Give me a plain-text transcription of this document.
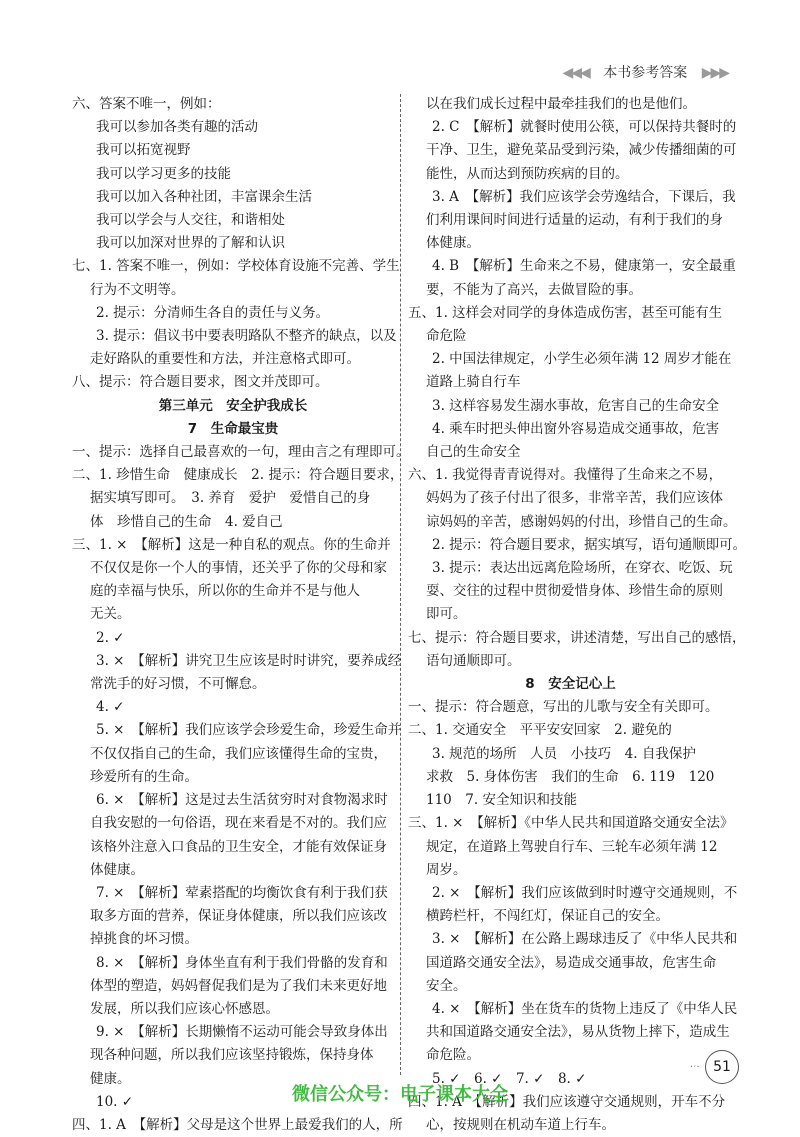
◀◀◀ 本书参考答案 ▶▶▶
六、答案不唯一，例如：
我可以参加各类有趣的活动
我可以拓宽视野
我可以学习更多的技能
我可以加入各种社团，丰富课余生活
我可以学会与人交往，和谐相处
我可以加深对世界的了解和认识
七、1. 答案不唯一，例如：学校体育设施不完善、学生
行为不文明等。
2. 提示：分清师生各自的责任与义务。
3. 提示：倡议书中要表明路队不整齐的缺点，以及
走好路队的重要性和方法，并注意格式即可。
八、提示：符合题目要求，图文并茂即可。
第三单元　安全护我成长
7　生命最宝贵
一、提示：选择自己最喜欢的一句，理由言之有理即可。
二、1. 珍惜生命　健康成长　2. 提示：符合题目要求，
据实填写即可。　3. 养育　爱护　爱惜自己的身
体　珍惜自己的生命　4. 爱自己
三、1. ×　【解析】这是一种自私的观点。你的生命并
不仅仅是你一个人的事情，还关乎了你的父母和家
庭的幸福与快乐，所以你的生命并不是与他人
无关。
2. ✓
3. ×　【解析】讲究卫生应该是时时讲究，要养成经
常洗手的好习惯，不可懈怠。
4. ✓
5. ×　【解析】我们应该学会珍爱生命，珍爱生命并
不仅仅指自己的生命，我们应该懂得生命的宝贵，
珍爱所有的生命。
6. ×　【解析】这是过去生活贫穷时对食物渴求时
自我安慰的一句俗语，现在来看是不对的。我们应
该格外注意入口食品的卫生安全，才能有效保证身
体健康。
7. ×　【解析】荤素搭配的均衡饮食有利于我们获
取多方面的营养，保证身体健康，所以我们应该改
掉挑食的坏习惯。
8. ×　【解析】身体坐直有利于我们骨骼的发育和
体型的塑造，妈妈督促我们是为了我们未来更好地
发展，所以我们应该心怀感恩。
9. ×　【解析】长期懒惰不运动可能会导致身体出
现各种问题，所以我们应该坚持锻炼，保持身体
健康。
10. ✓
四、1. A　【解析】父母是这个世界上最爱我们的人，所
以在我们成长过程中最牵挂我们的也是他们。
2. C　【解析】就餐时使用公筷，可以保持共餐时的
干净、卫生，避免菜品受到污染，减少传播细菌的可
能性，从而达到预防疾病的目的。
3. A　【解析】我们应该学会劳逸结合，下课后，我
们利用课间时间进行适量的运动，有利于我们的身
体健康。
4. B　【解析】生命来之不易，健康第一，安全最重
要，不能为了高兴，去做冒险的事。
五、1. 这样会对同学的身体造成伤害，甚至可能有生
命危险
2. 中国法律规定，小学生必须年满 12 周岁才能在
道路上骑自行车
3. 这样容易发生溺水事故，危害自己的生命安全
4. 乘车时把头伸出窗外容易造成交通事故，危害
自己的生命安全
六、1. 我觉得青青说得对。我懂得了生命来之不易，
妈妈为了孩子付出了很多，非常辛苦，我们应该体
谅妈妈的辛苦，感谢妈妈的付出，珍惜自己的生命。
2. 提示：符合题目要求，据实填写，语句通顺即可。
3. 提示：表达出远离危险场所，在穿衣、吃饭、玩
耍、交往的过程中贯彻爱惜身体、珍惜生命的原则
即可。
七、提示：符合题目要求，讲述清楚，写出自己的感悟，
语句通顺即可。
8　安全记心上
一、提示：符合题意，写出的儿歌与安全有关即可。
二、1. 交通安全　平平安安回家　2. 避免的
3. 规范的场所　人员　小技巧　4. 自我保护
求救　5. 身体伤害　我们的生命　6. 119　120
110　7. 安全知识和技能
三、1. ×　【解析】《中华人民共和国道路交通安全法》
规定，在道路上驾驶自行车、三轮车必须年满 12
周岁。
2. ×　【解析】我们应该做到时时遵守交通规则，不
横跨栏杆，不闯红灯，保证自己的安全。
3. ×　【解析】在公路上踢球违反了《中华人民共和
国道路交通安全法》，易造成交通事故，危害生命
安全。
4. ×　【解析】坐在货车的货物上违反了《中华人民
共和国道路交通安全法》，易从货物上摔下，造成生
命危险。
5. ✓　6. ✓　7. ✓　8. ✓
四、1. A　【解析】我们应该遵守交通规则，开车不分
心，按规则在机动车道上行车。
·ˑ· 51
微信公众号：电子课本大全
